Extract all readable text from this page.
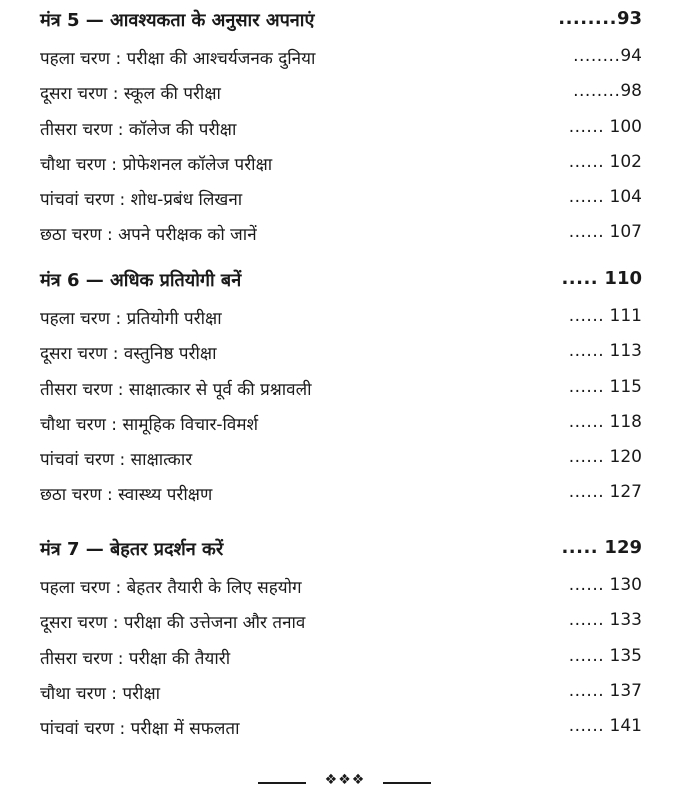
मंत्र 5 — आवश्यकता के अनुसार अपनाएं	........93
पहला चरण : परीक्षा की आश्चर्यजनक दुनिया	........94
दूसरा चरण : स्कूल की परीक्षा	........98
तीसरा चरण : कॉलेज की परीक्षा	...... 100
चौथा चरण : प्रोफेशनल कॉलेज परीक्षा	...... 102
पांचवां चरण : शोध-प्रबंध लिखना	...... 104
छठा चरण : अपने परीक्षक को जानें	...... 107
मंत्र 6 — अधिक प्रतियोगी बनें	..... 110
पहला चरण : प्रतियोगी परीक्षा	...... 111
दूसरा चरण : वस्तुनिष्ठ परीक्षा	...... 113
तीसरा चरण : साक्षात्कार से पूर्व की प्रश्नावली	...... 115
चौथा चरण : सामूहिक विचार-विमर्श	...... 118
पांचवां चरण : साक्षात्कार	...... 120
छठा चरण : स्वास्थ्य परीक्षण	...... 127
मंत्र 7 — बेहतर प्रदर्शन करें	..... 129
पहला चरण : बेहतर तैयारी के लिए सहयोग	...... 130
दूसरा चरण : परीक्षा की उत्तेजना और तनाव	...... 133
तीसरा चरण : परीक्षा की तैयारी	...... 135
चौथा चरण : परीक्षा	...... 137
पांचवां चरण : परीक्षा में सफलता	...... 141
❖❖❖
